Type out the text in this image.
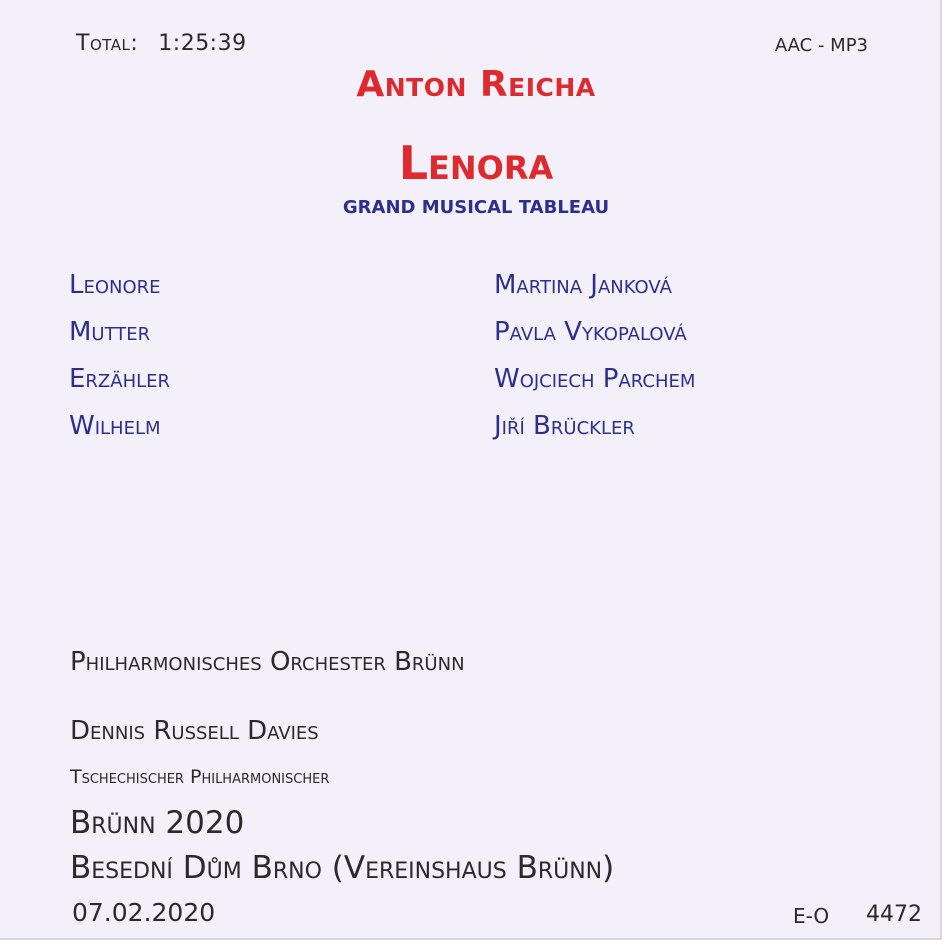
Total: 1:25:39	AAC - MP3
Anton Reicha
Lenora
GRAND MUSICAL TABLEAU
Leonore	Martina Janková
Mutter	Pavla Vykopalová
Erzähler	Wojciech Parchem
Wilhelm	Jiří Brückler
Philharmonisches Orchester Brünn
Dennis Russell Davies
Tschechischer Philharmonischer
Brünn 2020
Besední Dům Brno (Vereinshaus Brünn)
07.02.2020	E-O 4472
